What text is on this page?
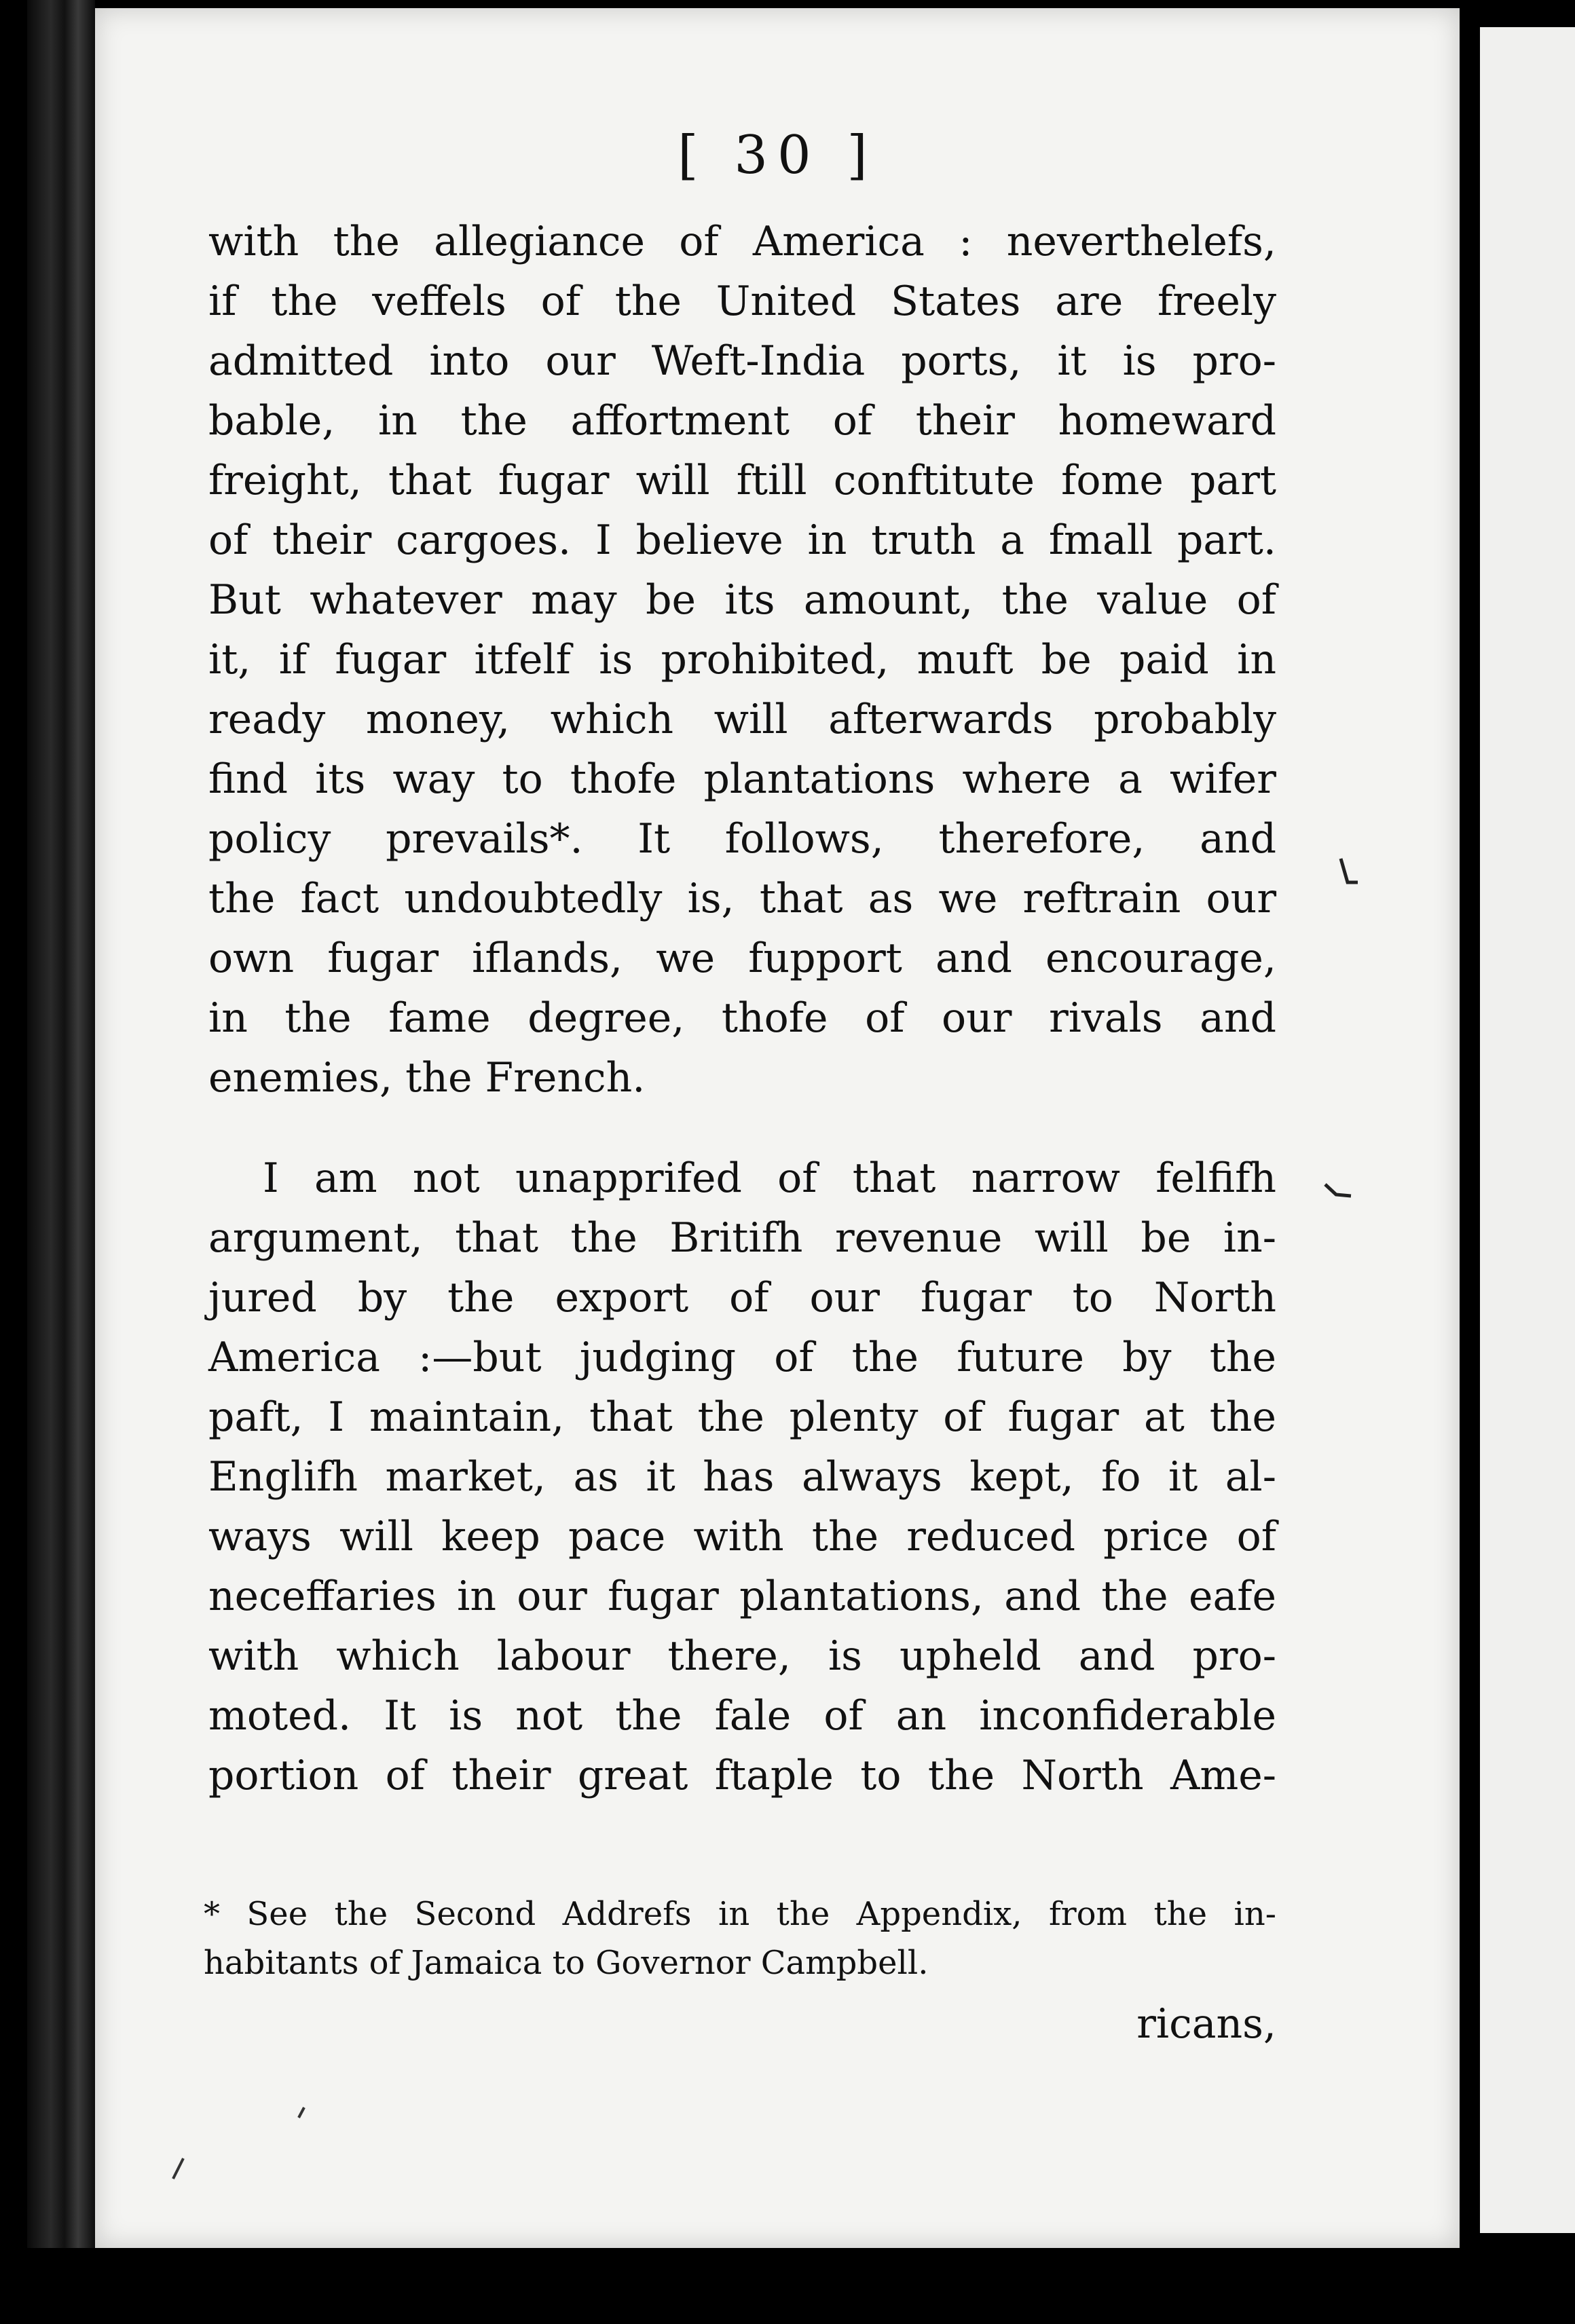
[ 30 ]
with the allegiance of America : neverthelefs,
if the veffels of the United States are freely
admitted into our Weft-India ports, it is pro-
bable, in the affortment of their homeward
freight, that fugar will ftill conftitute fome part
of their cargoes. I believe in truth a fmall part.
But whatever may be its amount, the value of
it, if fugar itfelf is prohibited, muft be paid in
ready money, which will afterwards probably
find its way to thofe plantations where a wifer
policy prevails*. It follows, therefore, and
the fact undoubtedly is, that as we reftrain our
own fugar iflands, we fupport and encourage,
in the fame degree, thofe of our rivals and
enemies, the French.
I am not unapprifed of that narrow felfifh
argument, that the Britifh revenue will be in-
jured by the export of our fugar to North
America :—but judging of the future by the
paft, I maintain, that the plenty of fugar at the
Englifh market, as it has always kept, fo it al-
ways will keep pace with the reduced price of
neceffaries in our fugar plantations, and the eafe
with which labour there, is upheld and pro-
moted. It is not the fale of an inconfiderable
portion of their great ftaple to the North Ame-
* See the Second Addrefs in the Appendix, from the in-
habitants of Jamaica to Governor Campbell.
ricans,
